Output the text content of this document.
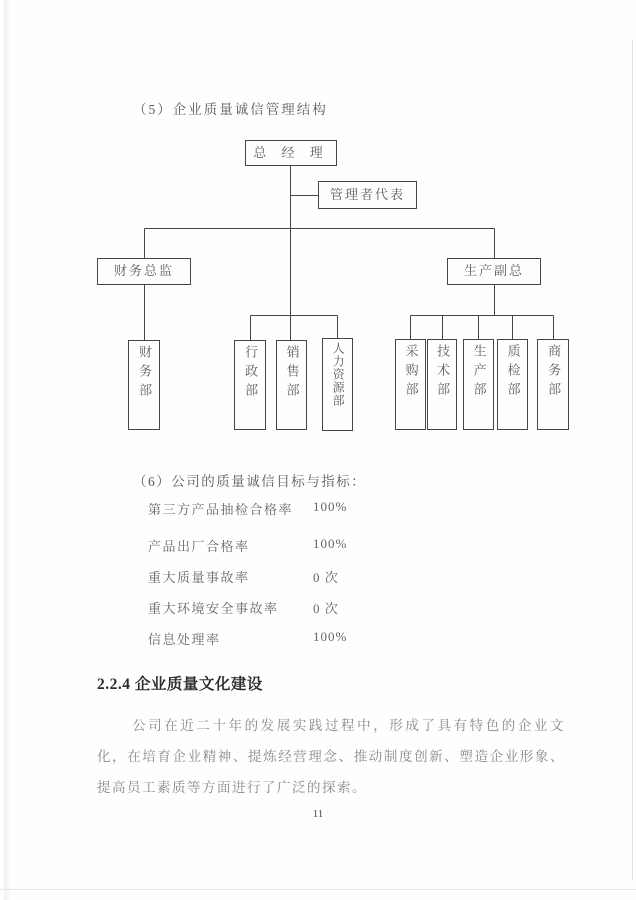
（5）企业质量诚信管理结构
总 经 理
管理者代表
财务总监	生产副总
财务部	行政部	销售部	人力资源部	采购部	技术部	生产部	质检部	商务部
（6）公司的质量诚信目标与指标：
第三方产品抽检合格率 100%
产品出厂合格率	100%
重大质量事故率	0 次
重大环境安全事故率	0 次
信息处理率	100%
2.2.4 企业质量文化建设
公司在近二十年的发展实践过程中，形成了具有特色的企业文化，在培育企业精神、提炼经营理念、推动制度创新、塑造企业形象、提高员工素质等方面进行了广泛的探索。
11
